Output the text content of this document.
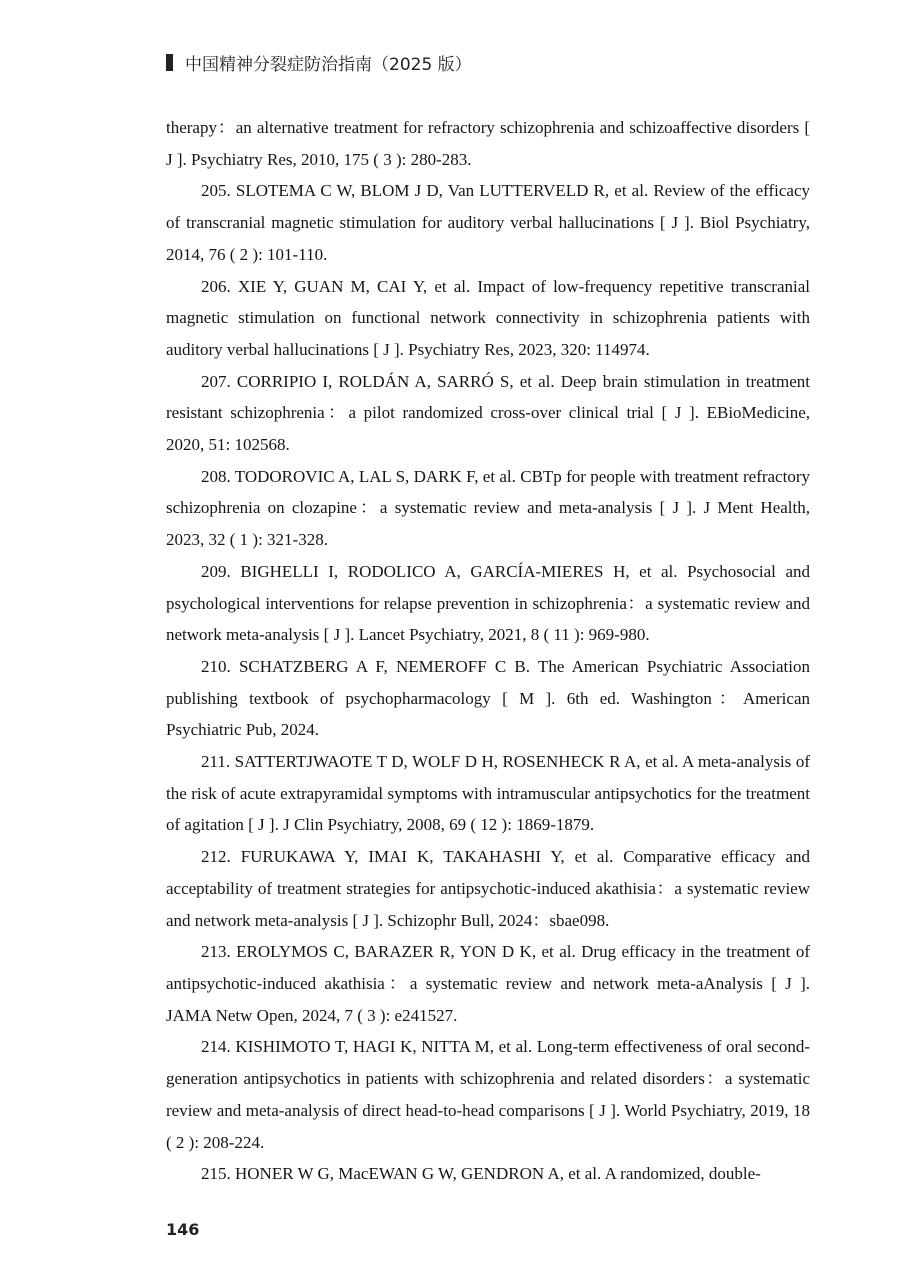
中国精神分裂症防治指南（2025 版）

therapy：an alternative treatment for refractory schizophrenia and schizoaffective disorders [ J ]. Psychiatry Res, 2010, 175 ( 3 ): 280-283.

205. SLOTEMA C W, BLOM J D, Van LUTTERVELD R, et al. Review of the efficacy of transcranial magnetic stimulation for auditory verbal hallucinations [ J ]. Biol Psychiatry, 2014, 76 ( 2 ): 101-110.

206. XIE Y, GUAN M, CAI Y, et al. Impact of low-frequency repetitive transcranial magnetic stimulation on functional network connectivity in schizophrenia patients with auditory verbal hallucinations [ J ]. Psychiatry Res, 2023, 320: 114974.

207. CORRIPIO I, ROLDÁN A, SARRÓ S, et al. Deep brain stimulation in treatment resistant schizophrenia：a pilot randomized cross-over clinical trial [ J ]. EBioMedicine, 2020, 51: 102568.

208. TODOROVIC A, LAL S, DARK F, et al. CBTp for people with treatment refractory schizophrenia on clozapine：a systematic review and meta-analysis [ J ]. J Ment Health, 2023, 32 ( 1 ): 321-328.

209. BIGHELLI I, RODOLICO A, GARCÍA-MIERES H, et al. Psychosocial and psychological interventions for relapse prevention in schizophrenia：a systematic review and network meta-analysis [ J ]. Lancet Psychiatry, 2021, 8 ( 11 ): 969-980.

210. SCHATZBERG A F, NEMEROFF C B. The American Psychiatric Association publishing textbook of psychopharmacology [ M ]. 6th ed. Washington：American Psychiatric Pub, 2024.

211. SATTERTJWAOTE T D, WOLF D H, ROSENHECK R A, et al. A meta-analysis of the risk of acute extrapyramidal symptoms with intramuscular antipsychotics for the treatment of agitation [ J ]. J Clin Psychiatry, 2008, 69 ( 12 ): 1869-1879.

212. FURUKAWA Y, IMAI K, TAKAHASHI Y, et al. Comparative efficacy and acceptability of treatment strategies for antipsychotic-induced akathisia：a systematic review and network meta-analysis [ J ]. Schizophr Bull, 2024：sbae098.

213. EROLYMOS C, BARAZER R, YON D K, et al. Drug efficacy in the treatment of antipsychotic-induced akathisia：a systematic review and network meta-aAnalysis [ J ]. JAMA Netw Open, 2024, 7 ( 3 ): e241527.

214. KISHIMOTO T, HAGI K, NITTA M, et al. Long-term effectiveness of oral second-generation antipsychotics in patients with schizophrenia and related disorders：a systematic review and meta-analysis of direct head-to-head comparisons [ J ]. World Psychiatry, 2019, 18 ( 2 ): 208-224.

215. HONER W G, MacEWAN G W, GENDRON A, et al. A randomized, double-

146
